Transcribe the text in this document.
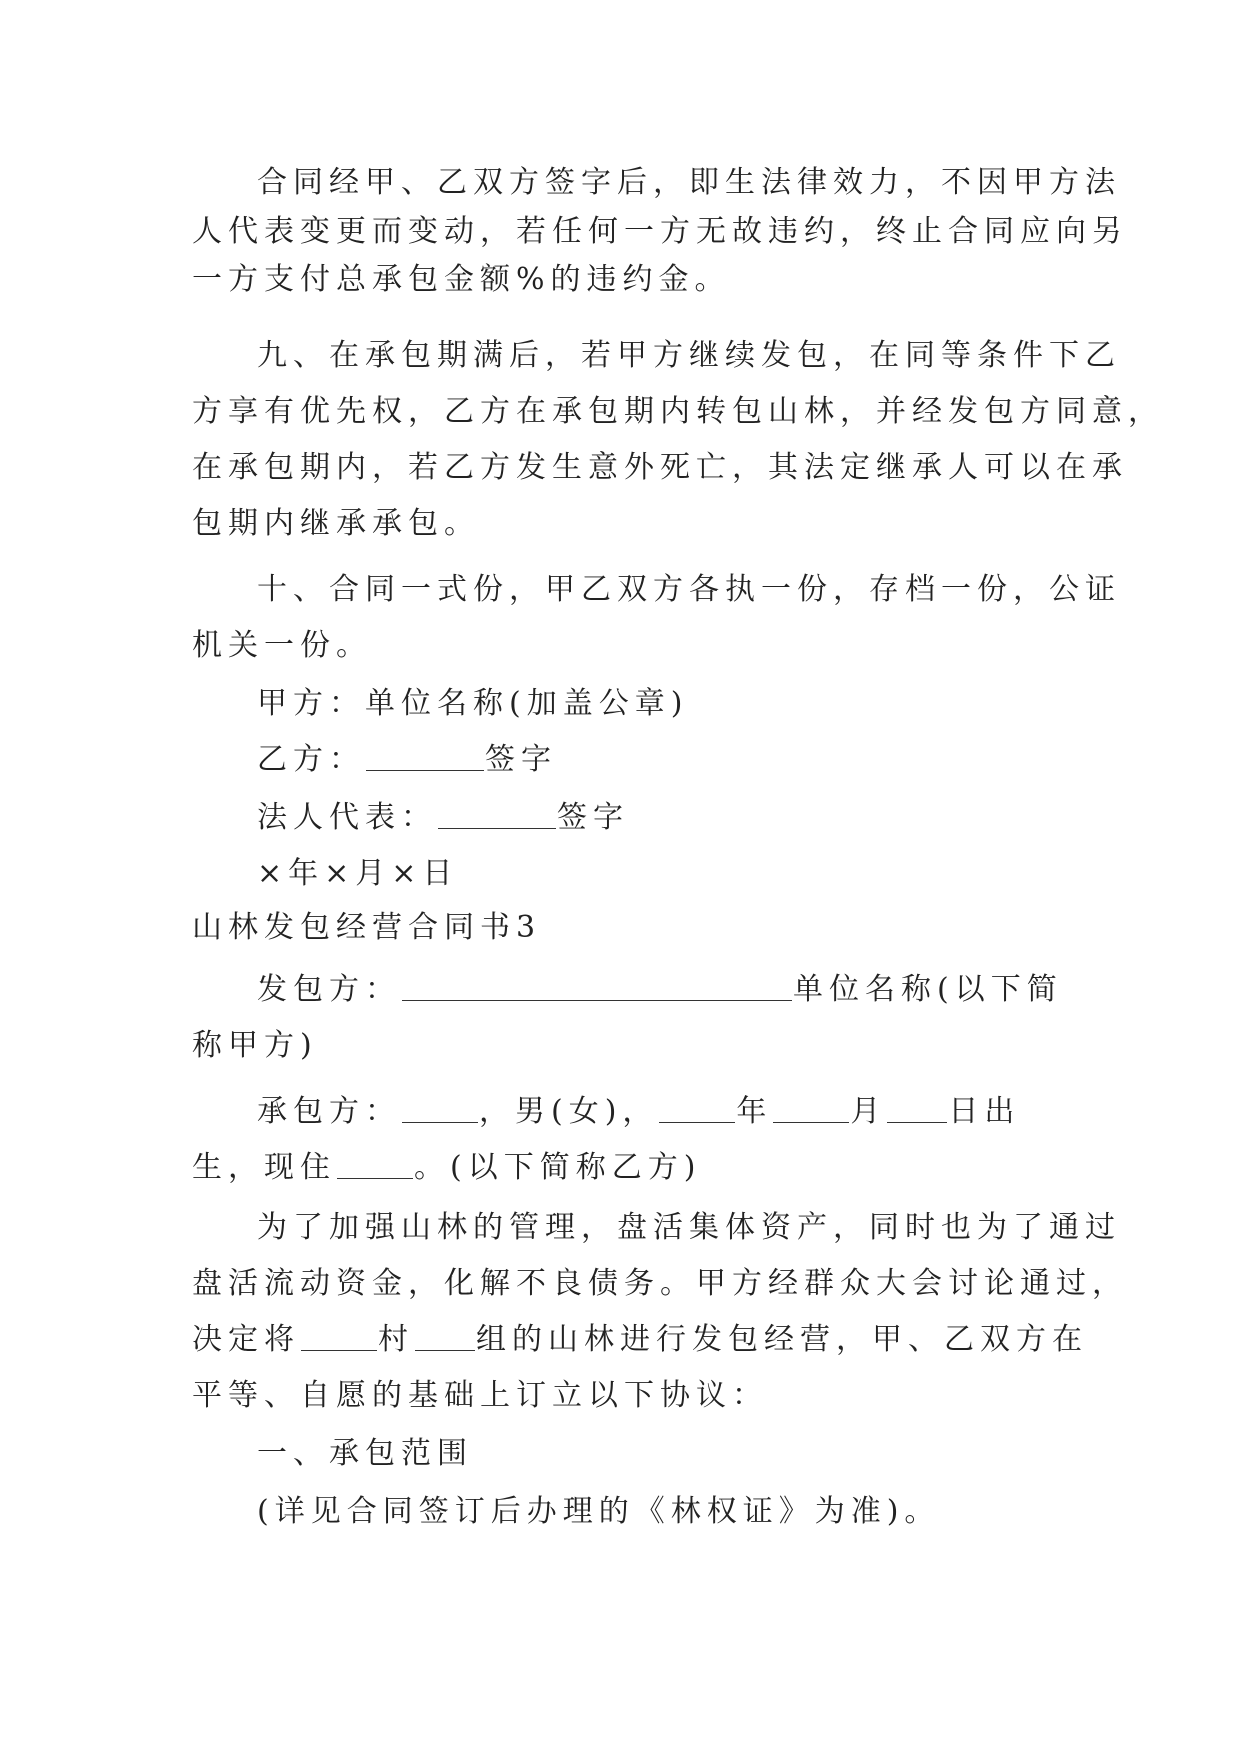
合同经甲、乙双方签字后，即生法律效力，不因甲方法
人代表变更而变动，若任何一方无故违约，终止合同应向另
一方支付总承包金额%的违约金。
九、在承包期满后，若甲方继续发包，在同等条件下乙
方享有优先权，乙方在承包期内转包山林，并经发包方同意，
在承包期内，若乙方发生意外死亡，其法定继承人可以在承
包期内继承承包。
十、合同一式份，甲乙双方各执一份，存档一份，公证
机关一份。
甲方：单位名称(加盖公章)
乙方：	签字
法人代表：	签字
×年×月×日
山林发包经营合同书3
发包方：	单位名称(以下简
称甲方)
承包方：	，男(女)，	年	月 日出
生，现住	。(以下简称乙方)
为了加强山林的管理，盘活集体资产，同时也为了通过
盘活流动资金，化解不良债务。甲方经群众大会讨论通过，
决定将	村 组的山林进行发包经营，甲、乙双方在
平等、自愿的基础上订立以下协议：
一、承包范围
(详见合同签订后办理的《林权证》为准)。
